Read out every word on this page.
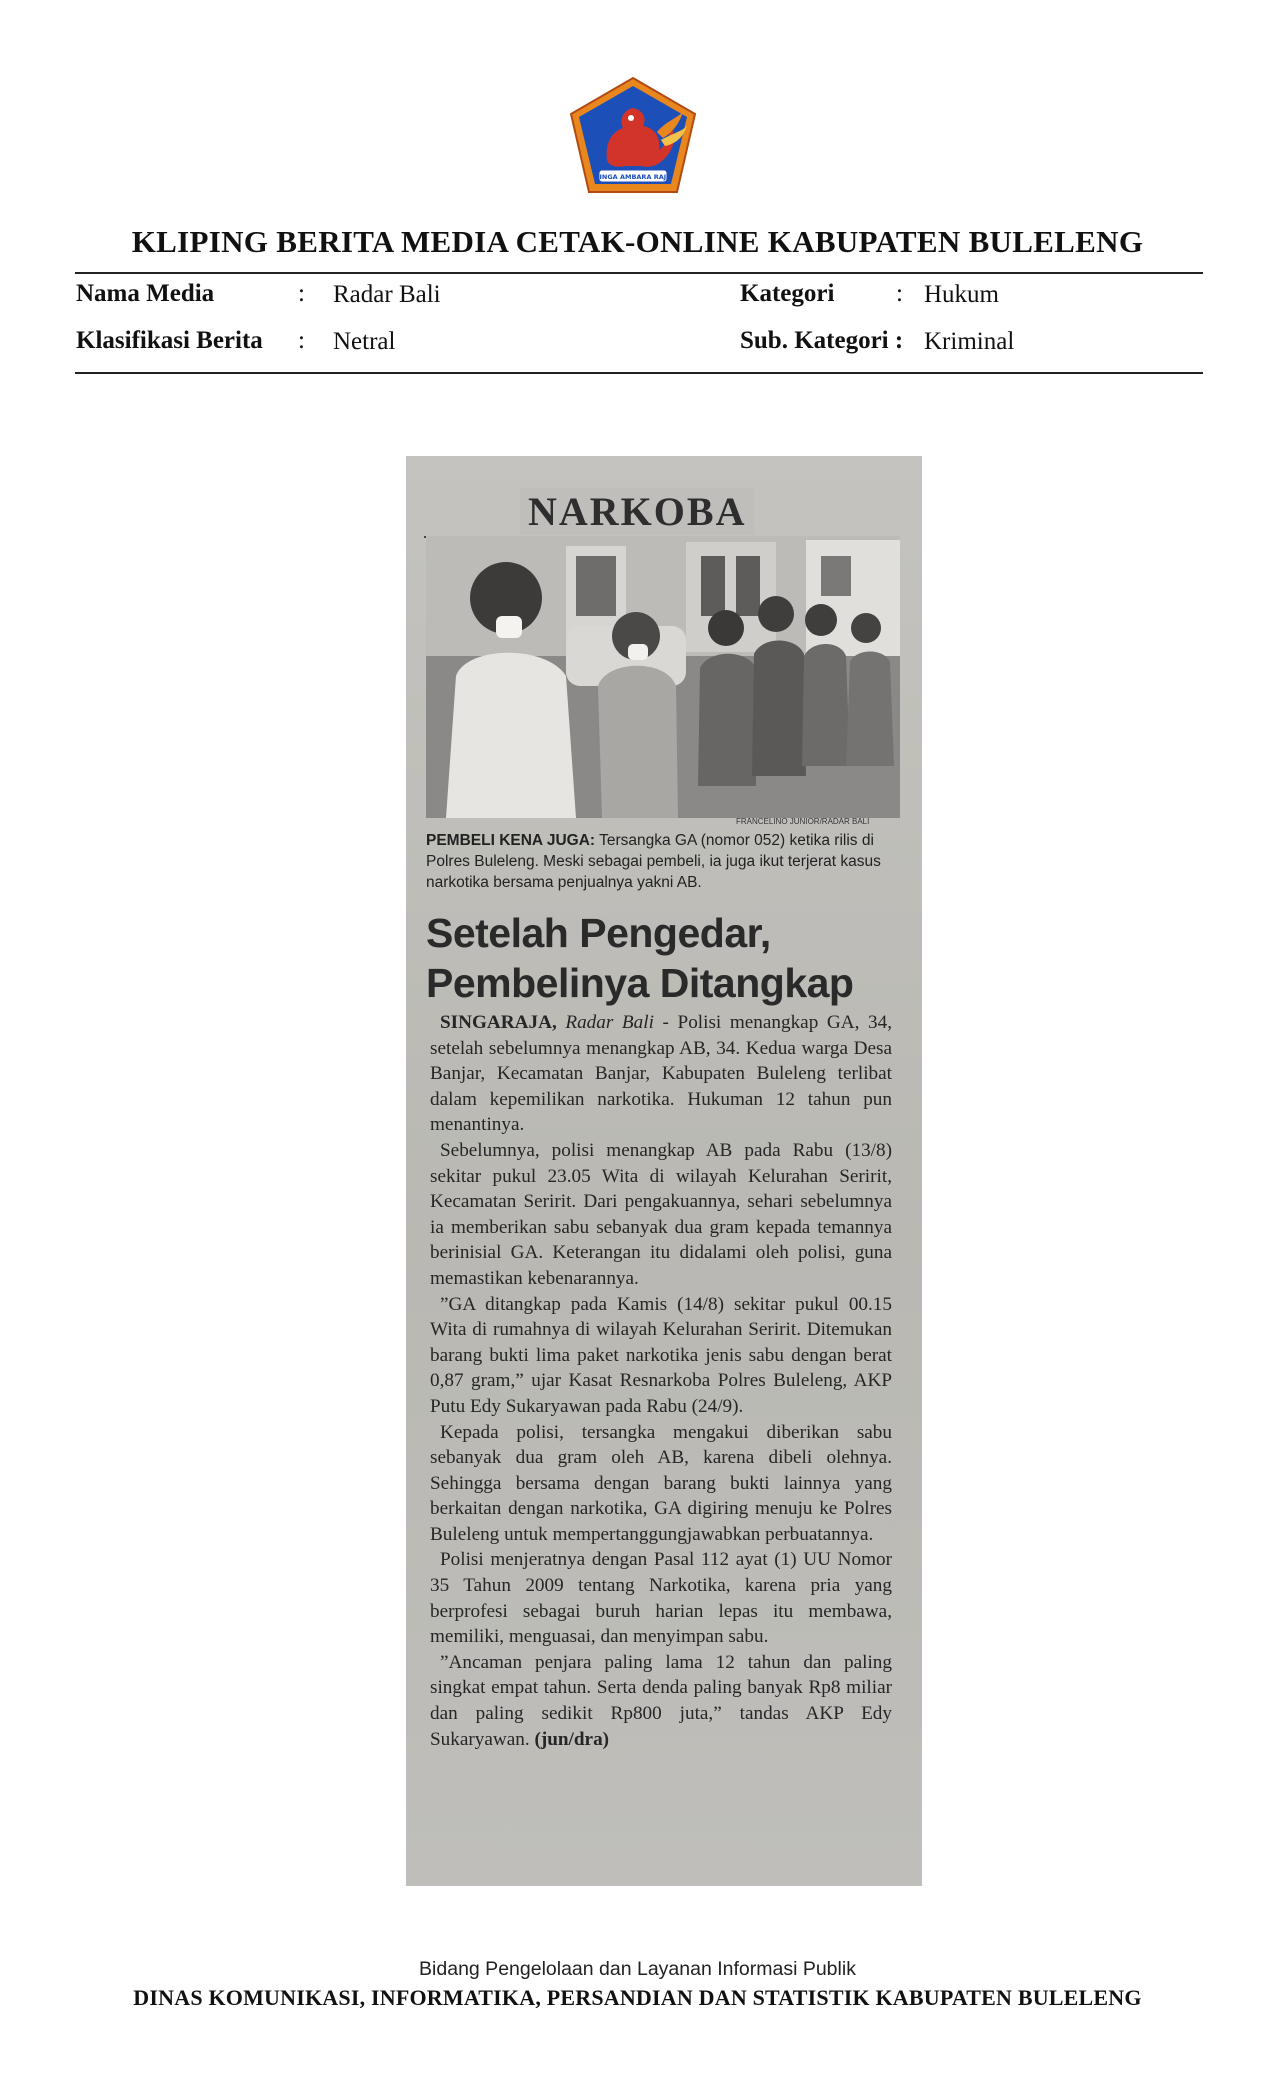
SINGA AMBARA RAJA
KLIPING BERITA MEDIA CETAK-ONLINE KABUPATEN BULELENG
Nama Media	: Radar Bali
Klasifikasi Berita : Netral
Kategori : Hukum
Sub. Kategori : Kriminal
NARKOBA
FRANCELINO JUNIOR/RADAR BALI
PEMBELI KENA JUGA: Tersangka GA (nomor 052) ketika rilis di Polres Buleleng. Meski sebagai pembeli, ia juga ikut terjerat kasus narkotika bersama penjualnya yakni AB.
Setelah Pengedar,
Pembelinya Ditangkap

SINGARAJA, Radar Bali - Polisi menangkap GA, 34, setelah sebelumnya menangkap AB, 34. Kedua warga Desa Banjar, Kecamatan Banjar, Kabupaten Buleleng terlibat dalam kepemilikan narkotika. Hukuman 12 tahun pun menantinya.

Sebelumnya, polisi menangkap AB pada Rabu (13/8) sekitar pukul 23.05 Wita di wilayah Kelurahan Seririt, Kecamatan Seririt. Dari pengakuannya, sehari sebelumnya ia memberikan sabu sebanyak dua gram kepada temannya berinisial GA. Keterangan itu didalami oleh polisi, guna memastikan kebenarannya.

”GA ditangkap pada Kamis (14/8) sekitar pukul 00.15 Wita di rumahnya di wilayah Kelurahan Seririt. Ditemukan barang bukti lima paket narkotika jenis sabu dengan berat 0,87 gram,” ujar Kasat Resnarkoba Polres Buleleng, AKP Putu Edy Sukaryawan pada Rabu (24/9).

Kepada polisi, tersangka mengakui diberikan sabu sebanyak dua gram oleh AB, karena dibeli olehnya. Sehingga bersama dengan barang bukti lainnya yang berkaitan dengan narkotika, GA digiring menuju ke Polres Buleleng untuk mempertanggungjawabkan perbuatannya.

Polisi menjeratnya dengan Pasal 112 ayat (1) UU Nomor 35 Tahun 2009 tentang Narkotika, karena pria yang berprofesi sebagai buruh harian lepas itu membawa, memiliki, menguasai, dan menyimpan sabu.

”Ancaman penjara paling lama 12 tahun dan paling singkat empat tahun. Serta denda paling banyak Rp8 miliar dan paling sedikit Rp800 juta,” tandas AKP Edy Sukaryawan. (jun/dra)

Bidang Pengelolaan dan Layanan Informasi Publik
DINAS KOMUNIKASI, INFORMATIKA, PERSANDIAN DAN STATISTIK KABUPATEN BULELENG
